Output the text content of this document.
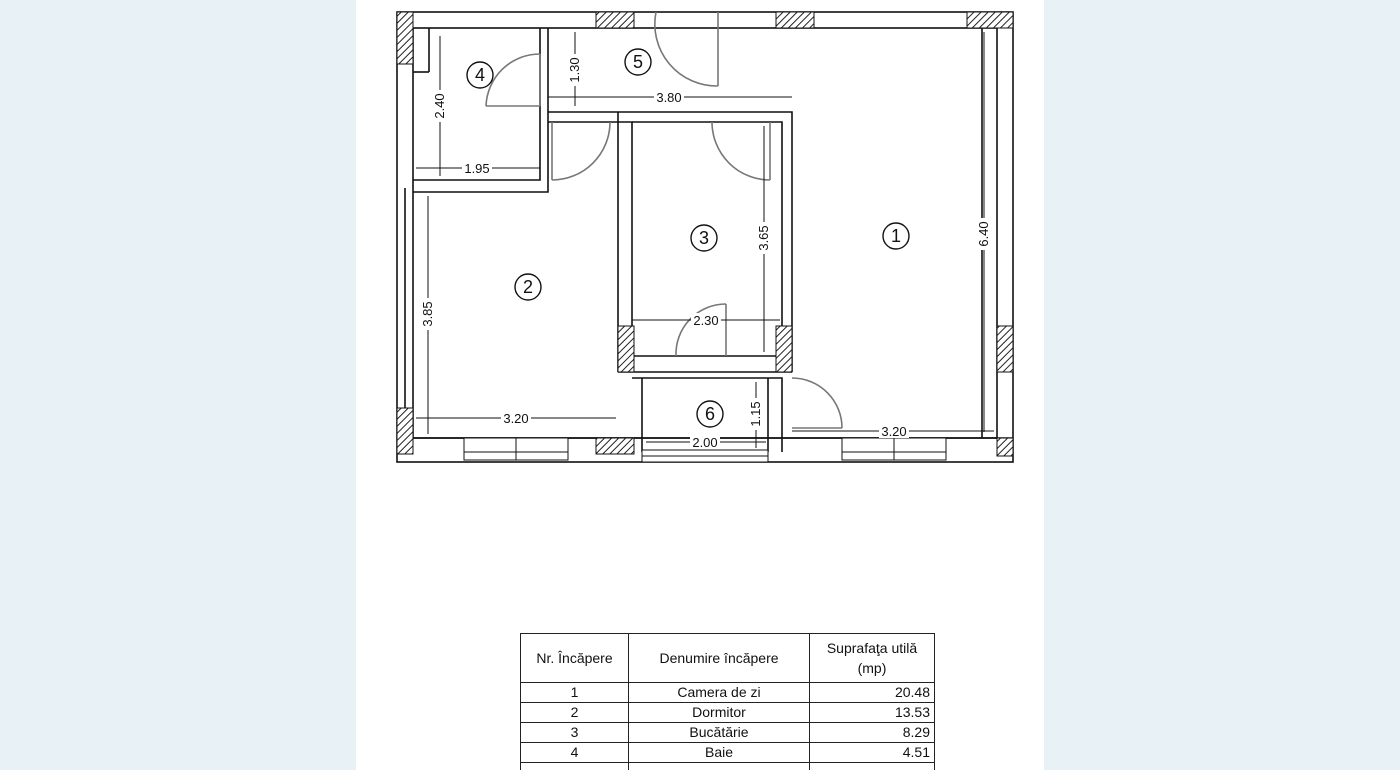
1
2
3
4
5
6
1.30
3.80
2.40
1.95
6.40
3.65
3.85	2.30
1.15
3.20
2.00
3.20
Nr. Încăpere	Denumire încăpere	Suprafaţa utilă
(mp)
1	Camera de zi	20.48
2	Dormitor	13.53
3	Bucătărie	8.29
4	Baie	4.51
